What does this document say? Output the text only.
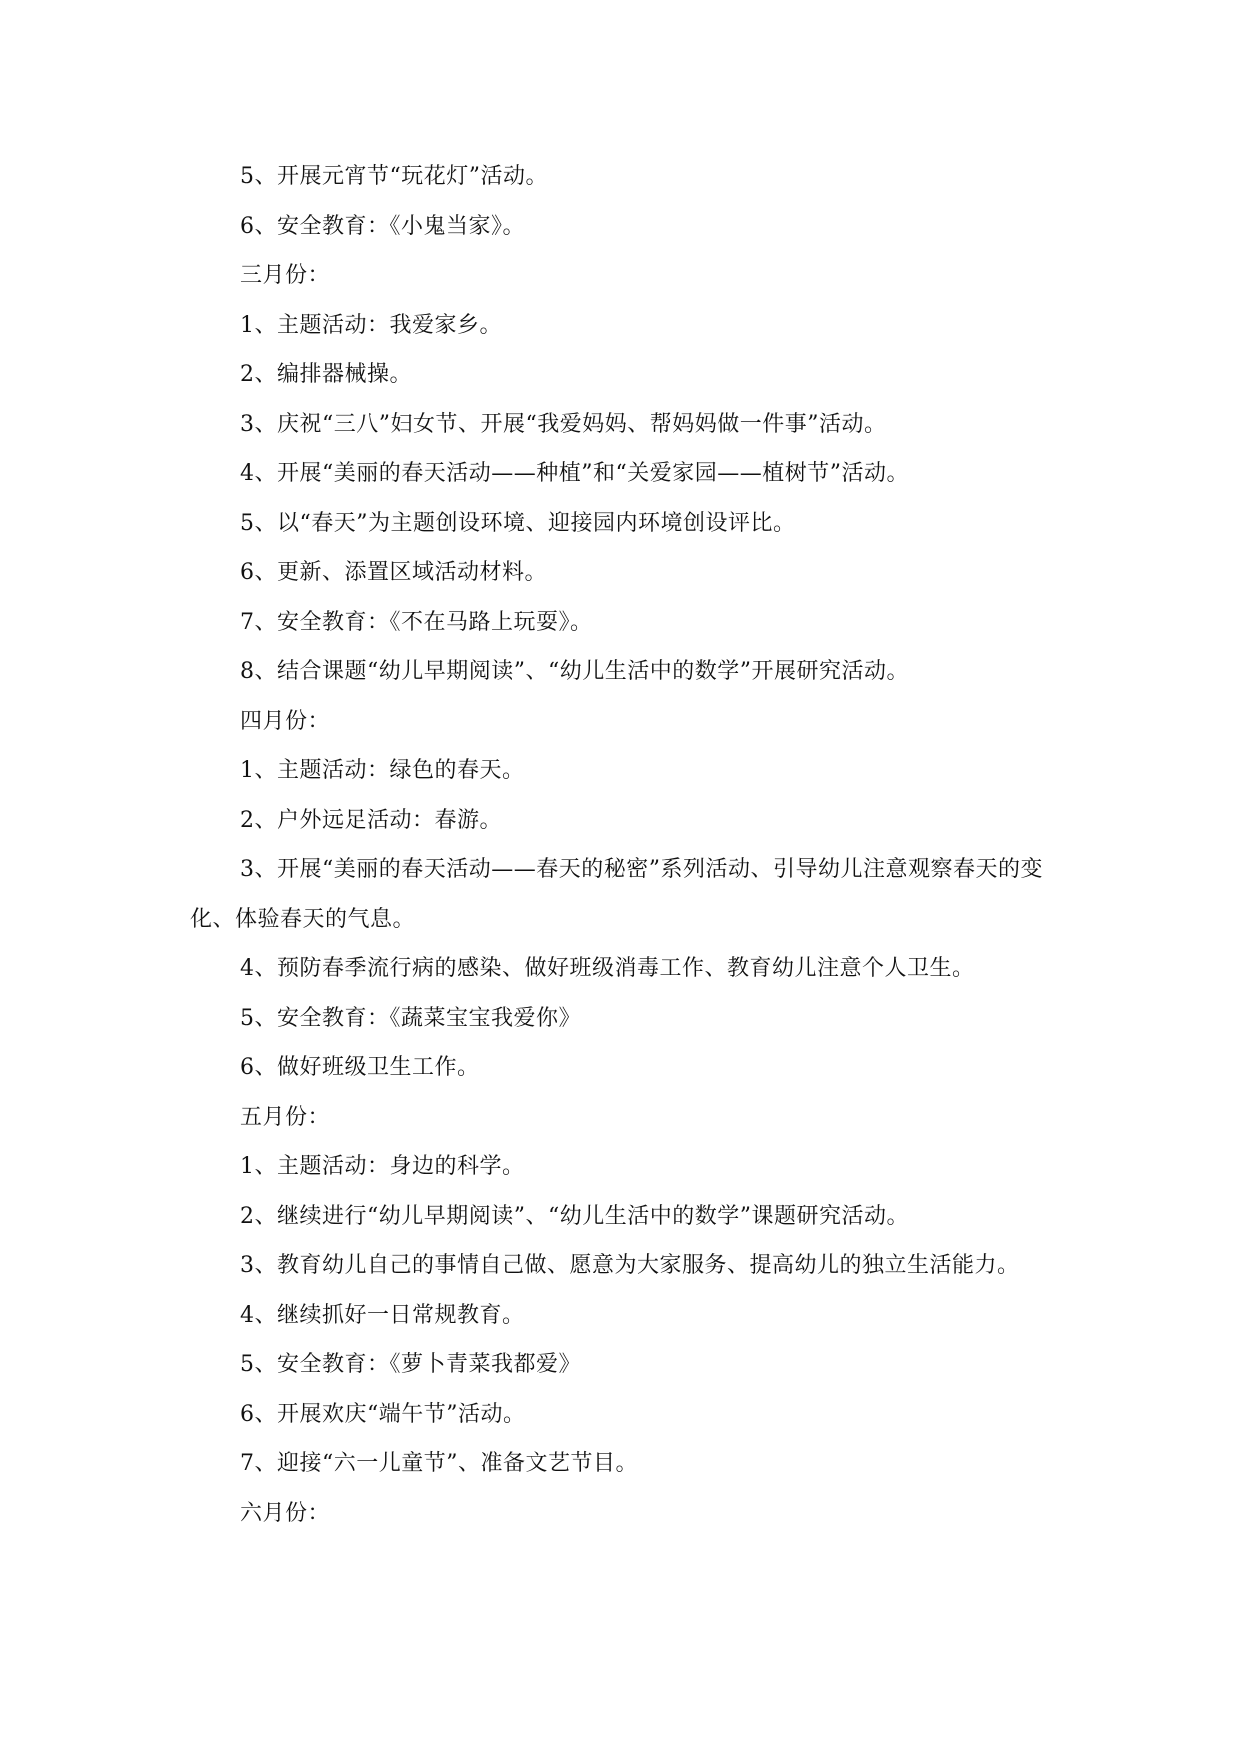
5、开展元宵节“玩花灯”活动。

6、安全教育：《小鬼当家》。

三月份：

1、主题活动：我爱家乡。

2、编排器械操。

3、庆祝“三八”妇女节、开展“我爱妈妈、帮妈妈做一件事”活动。

4、开展“美丽的春天活动——种植”和“关爱家园——植树节”活动。

5、以“春天”为主题创设环境、迎接园内环境创设评比。

6、更新、添置区域活动材料。

7、安全教育：《不在马路上玩耍》。

8、结合课题“幼儿早期阅读”、“幼儿生活中的数学”开展研究活动。

四月份：

1、主题活动：绿色的春天。

2、户外远足活动：春游。

3、开展“美丽的春天活动——春天的秘密”系列活动、引导幼儿注意观察春天的变化、体验春天的气息。

4、预防春季流行病的感染、做好班级消毒工作、教育幼儿注意个人卫生。

5、安全教育：《蔬菜宝宝我爱你》

6、做好班级卫生工作。

五月份：

1、主题活动：身边的科学。

2、继续进行“幼儿早期阅读”、“幼儿生活中的数学”课题研究活动。

3、教育幼儿自己的事情自己做、愿意为大家服务、提高幼儿的独立生活能力。

4、继续抓好一日常规教育。

5、安全教育：《萝卜青菜我都爱》

6、开展欢庆“端午节”活动。

7、迎接“六一儿童节”、准备文艺节目。

六月份：
